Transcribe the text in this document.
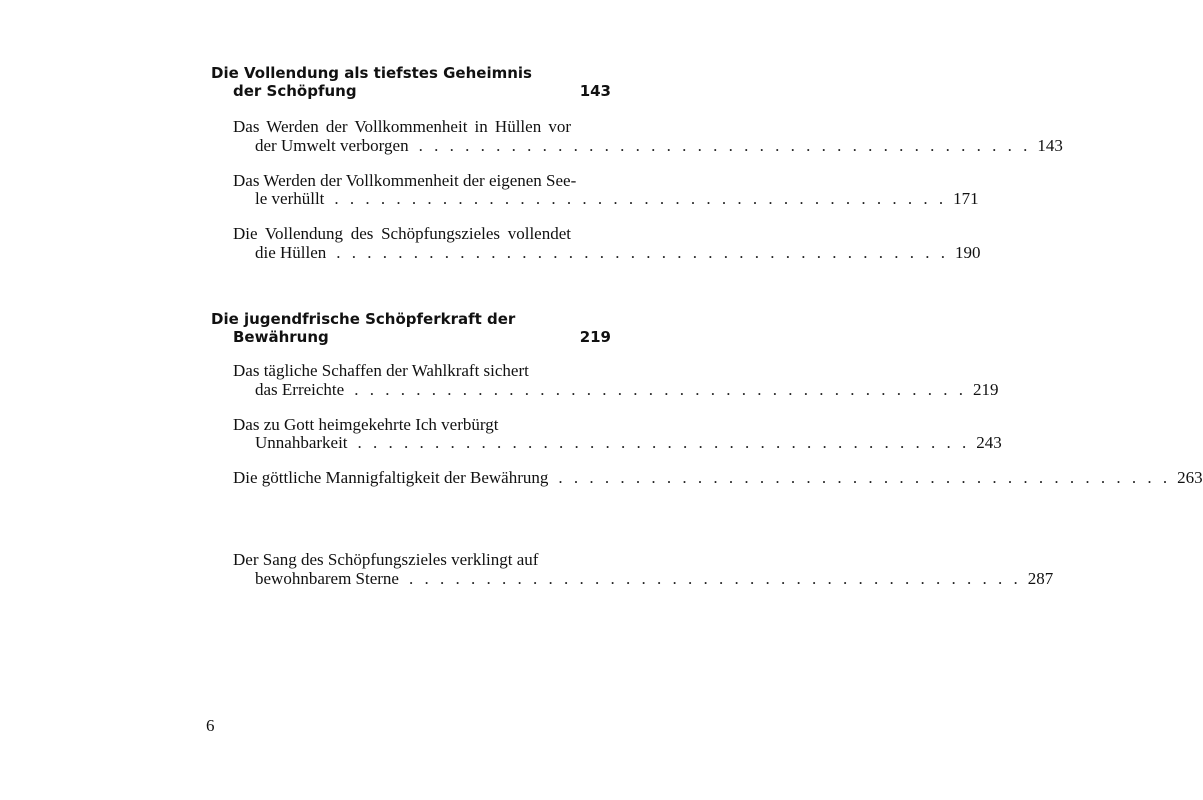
Die Vollendung als tiefstes Geheimnis
der Schöpfung	143
Das Werden der Vollkommenheit in Hüllen vor
der Umwelt verborgen . . . . . . . . . . . . . . . . . . . . . . . . . . . . . . . . . . . . . . . . 143
Das Werden der Vollkommenheit der eigenen See-
le verhüllt . . . . . . . . . . . . . . . . . . . . . . . . . . . . . . . . . . . . . . . . 171
Die Vollendung des Schöpfungszieles vollendet
die Hüllen . . . . . . . . . . . . . . . . . . . . . . . . . . . . . . . . . . . . . . . . 190
Die jugendfrische Schöpferkraft der
Bewährung	219
Das tägliche Schaffen der Wahlkraft sichert
das Erreichte . . . . . . . . . . . . . . . . . . . . . . . . . . . . . . . . . . . . . . . . 219
Das zu Gott heimgekehrte Ich verbürgt
Unnahbarkeit . . . . . . . . . . . . . . . . . . . . . . . . . . . . . . . . . . . . . . . . 243
Die göttliche Mannigfaltigkeit der Bewährung . . . . . . . . . . . . . . . . . . . . . . . . . . . . . . . . . . . . . . . . 263
Der Sang des Schöpfungszieles verklingt auf
bewohnbarem Sterne . . . . . . . . . . . . . . . . . . . . . . . . . . . . . . . . . . . . . . . . 287
6
